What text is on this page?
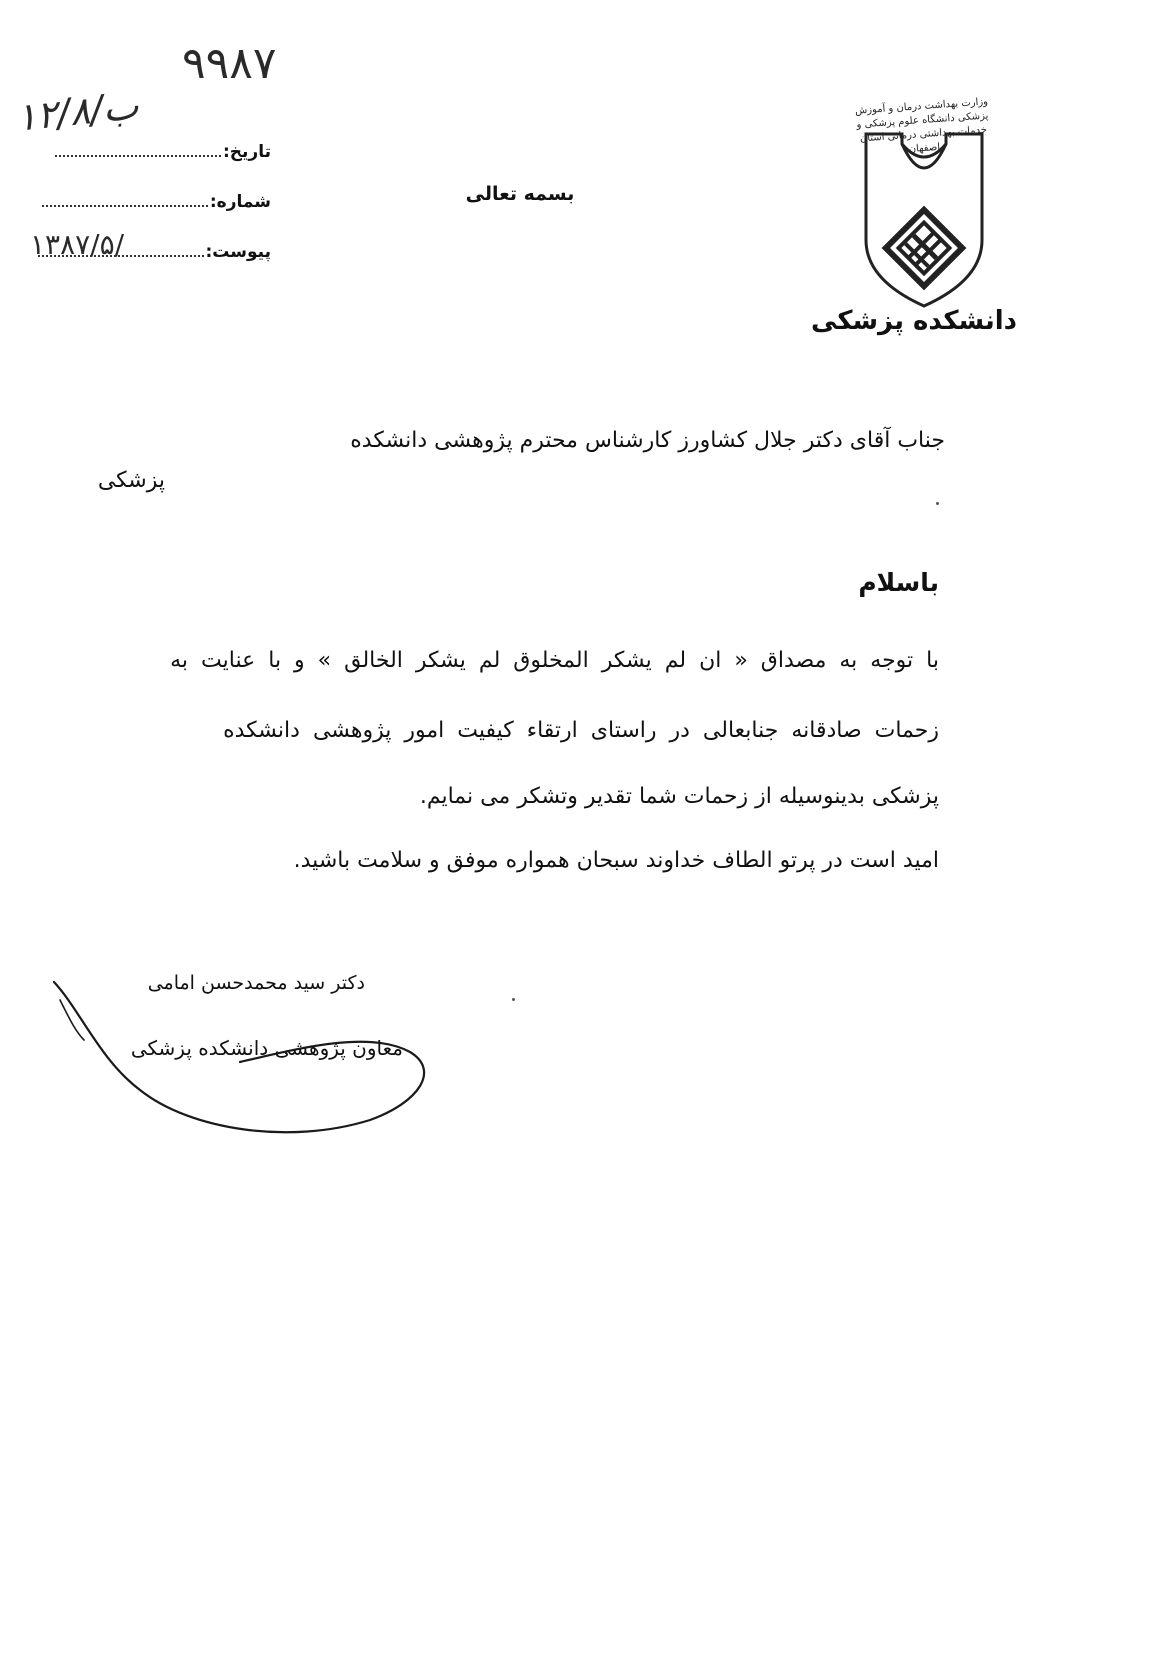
۹۹۸۷
۱۲/۸/ب
۱۳۸۷/۵/
تاریخ:
شماره:
پیوست:
بسمه تعالی
وزارت بهداشت درمان و آموزش پزشکی دانشگاه علوم پزشکی و خدمات بهداشتی درمانی استان اصفهان
دانشکده پزشکی
جناب آقای دکتر جلال کشاورز کارشناس محترم پژوهشی دانشکده
پزشکی
باسلام
با توجه به مصداق « ان لم یشکر المخلوق لم یشکر الخالق » و با عنایت به
زحمات صادقانه جنابعالی در راستای ارتقاء کیفیت امور پژوهشی دانشکده
پزشکی بدینوسیله از زحمات شما تقدیر وتشکر می نمایم.
امید است در پرتو الطاف خداوند سبحان همواره موفق و سلامت باشید.
دکتر سید محمدحسن امامی
معاون پژوهشی دانشکده پزشکی
